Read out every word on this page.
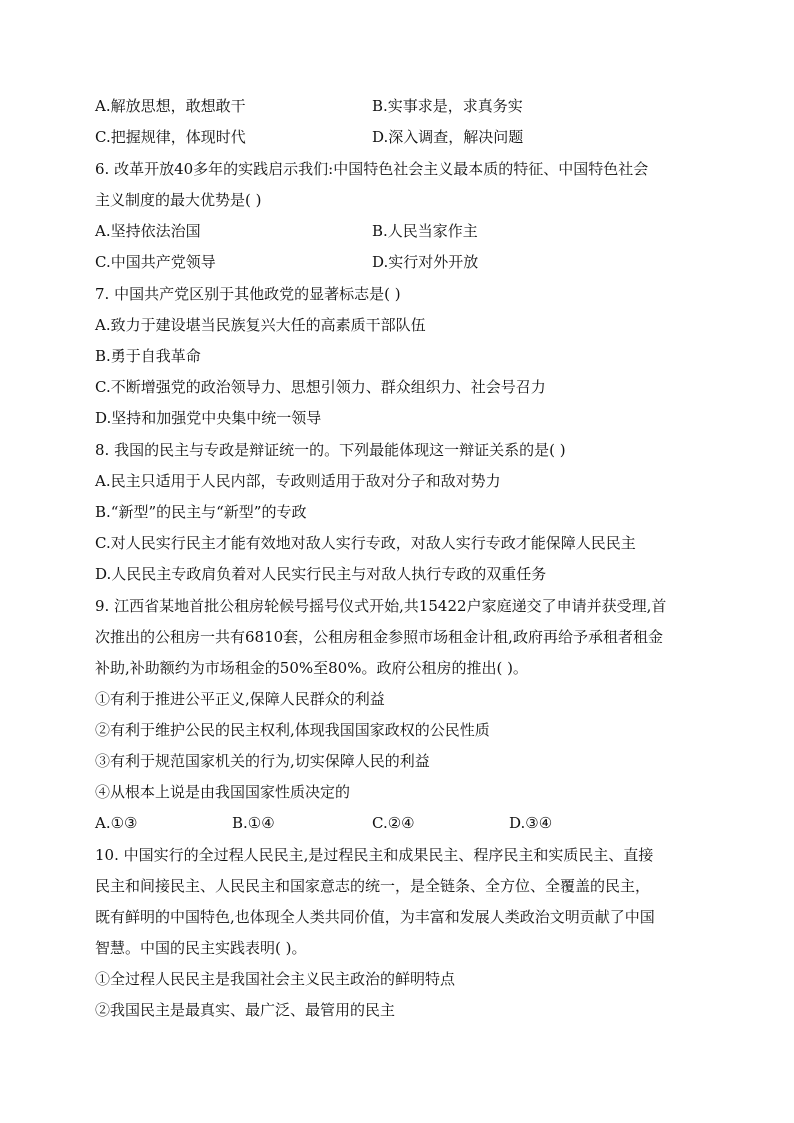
A.解放思想，敢想敢干	B.实事求是，求真务实
C.把握规律，体现时代	D.深入调查，解决问题
6. 改革开放40多年的实践启示我们:中国特色社会主义最本质的特征、中国特色社会
主义制度的最大优势是( )
A.坚持依法治国	B.人民当家作主
C.中国共产党领导	D.实行对外开放
7. 中国共产党区别于其他政党的显著标志是( )
A.致力于建设堪当民族复兴大任的高素质干部队伍
B.勇于自我革命
C.不断增强党的政治领导力、思想引领力、群众组织力、社会号召力
D.坚持和加强党中央集中统一领导
8. 我国的民主与专政是辩证统一的。下列最能体现这一辩证关系的是( )
A.民主只适用于人民内部，专政则适用于敌对分子和敌对势力
B.“新型”的民主与“新型”的专政
C.对人民实行民主才能有效地对敌人实行专政，对敌人实行专政才能保障人民民主
D.人民民主专政肩负着对人民实行民主与对敌人执行专政的双重任务
9. 江西省某地首批公租房轮候号摇号仪式开始,共15422户家庭递交了申请并获受理,首
次推出的公租房一共有6810套，公租房租金参照市场租金计租,政府再给予承租者租金
补助,补助额约为市场租金的50%至80%。政府公租房的推出( )。
①有利于推进公平正义,保障人民群众的利益
②有利于维护公民的民主权利,体现我国国家政权的公民性质
③有利于规范国家机关的行为,切实保障人民的利益
④从根本上说是由我国国家性质决定的
A.①③	B.①④	C.②④	D.③④
10. 中国实行的全过程人民民主,是过程民主和成果民主、程序民主和实质民主、直接
民主和间接民主、人民民主和国家意志的统一，是全链条、全方位、全覆盖的民主，
既有鲜明的中国特色,也体现全人类共同价值，为丰富和发展人类政治文明贡献了中国
智慧。中国的民主实践表明( )。
①全过程人民民主是我国社会主义民主政治的鲜明特点
②我国民主是最真实、最广泛、最管用的民主
